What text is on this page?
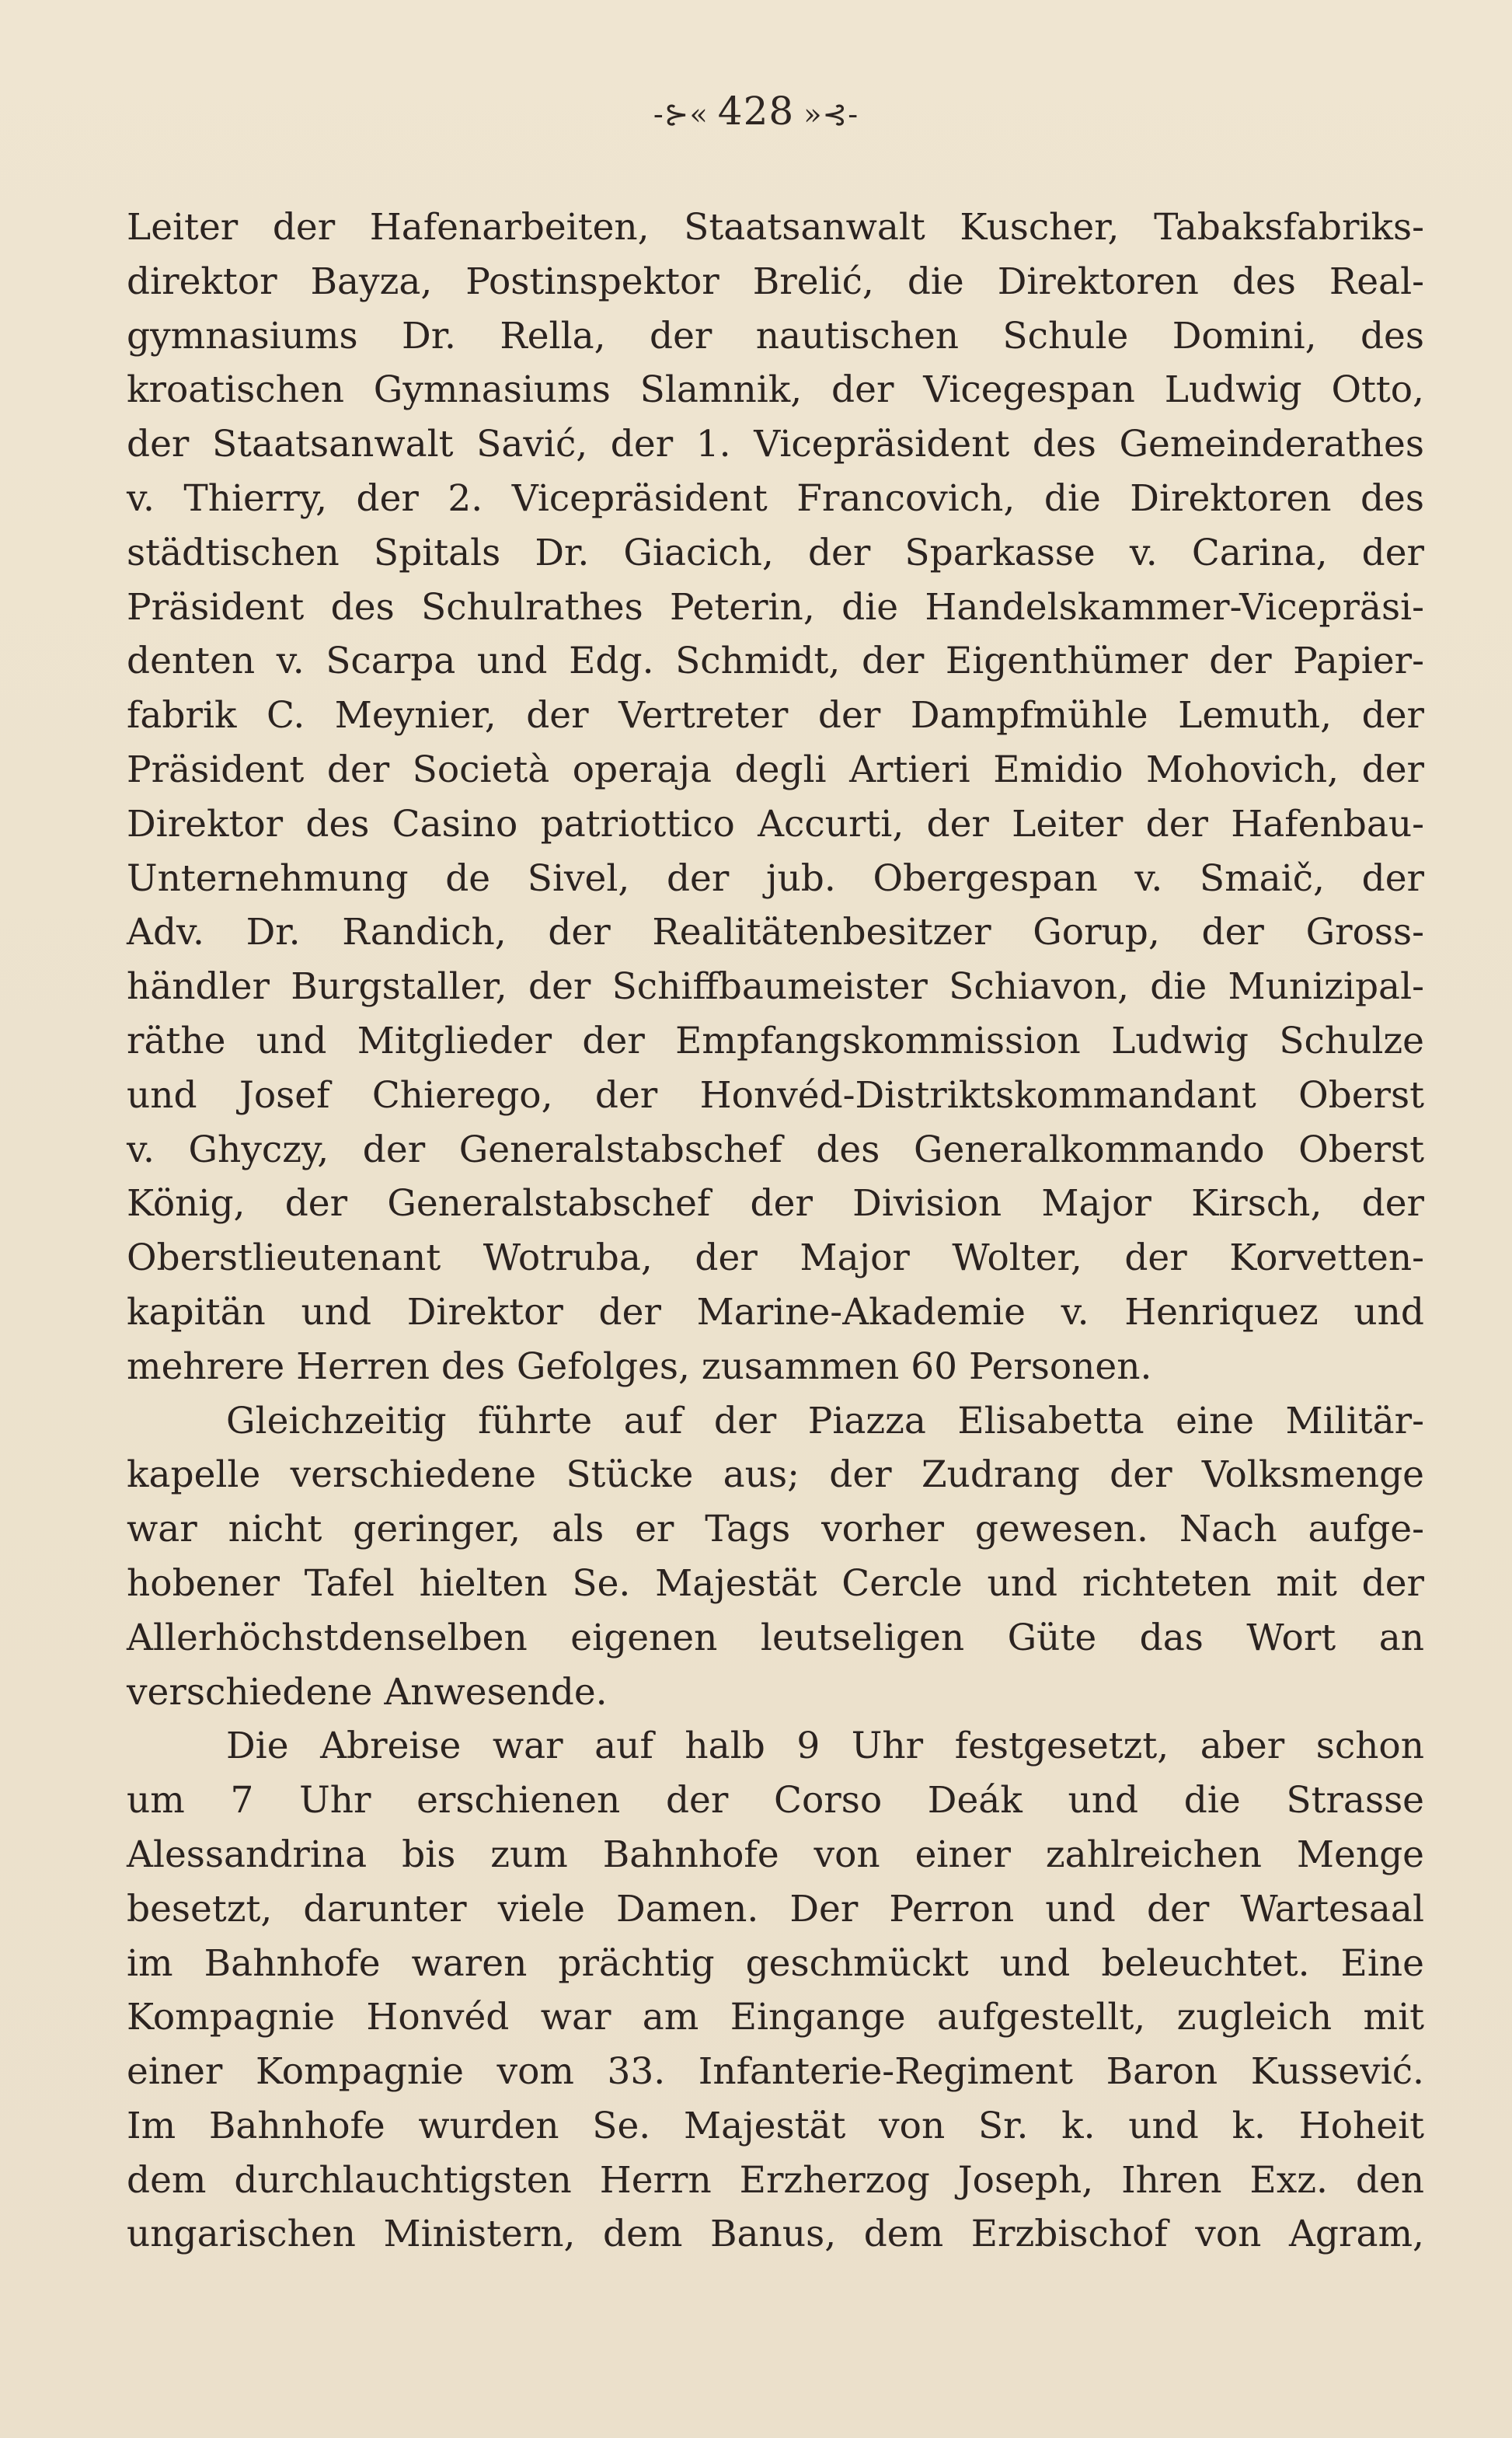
-⊱« 428 »⊰-
Leiter der Hafenarbeiten, Staatsanwalt Kuscher, Tabaksfabriks-
direktor Bayza, Postinspektor Brelić, die Direktoren des Real-
gymnasiums Dr. Rella, der nautischen Schule Domini, des
kroatischen Gymnasiums Slamnik, der Vicegespan Ludwig Otto,
der Staatsanwalt Savić, der 1. Vicepräsident des Gemeinderathes
v. Thierry, der 2. Vicepräsident Francovich, die Direktoren des
städtischen Spitals Dr. Giacich, der Sparkasse v. Carina, der
Präsident des Schulrathes Peterin, die Handelskammer-Vicepräsi-
denten v. Scarpa und Edg. Schmidt, der Eigenthümer der Papier-
fabrik C. Meynier, der Vertreter der Dampfmühle Lemuth, der
Präsident der Società operaja degli Artieri Emidio Mohovich, der
Direktor des Casino patriottico Accurti, der Leiter der Hafenbau-
Unternehmung de Sivel, der jub. Obergespan v. Smaič, der
Adv. Dr. Randich, der Realitätenbesitzer Gorup, der Gross-
händler Burgstaller, der Schiffbaumeister Schiavon, die Munizipal-
räthe und Mitglieder der Empfangskommission Ludwig Schulze
und Josef Chierego, der Honvéd-Distriktskommandant Oberst
v. Ghyczy, der Generalstabschef des Generalkommando Oberst
König, der Generalstabschef der Division Major Kirsch, der
Oberstlieutenant Wotruba, der Major Wolter, der Korvetten-
kapitän und Direktor der Marine-Akademie v. Henriquez und
mehrere Herren des Gefolges, zusammen 60 Personen.
Gleichzeitig führte auf der Piazza Elisabetta eine Militär-
kapelle verschiedene Stücke aus; der Zudrang der Volksmenge
war nicht geringer, als er Tags vorher gewesen. Nach aufge-
hobener Tafel hielten Se. Majestät Cercle und richteten mit der
Allerhöchstdenselben eigenen leutseligen Güte das Wort an
verschiedene Anwesende.
Die Abreise war auf halb 9 Uhr festgesetzt, aber schon
um 7 Uhr erschienen der Corso Deák und die Strasse
Alessandrina bis zum Bahnhofe von einer zahlreichen Menge
besetzt, darunter viele Damen. Der Perron und der Wartesaal
im Bahnhofe waren prächtig geschmückt und beleuchtet. Eine
Kompagnie Honvéd war am Eingange aufgestellt, zugleich mit
einer Kompagnie vom 33. Infanterie-Regiment Baron Kussević.
Im Bahnhofe wurden Se. Majestät von Sr. k. und k. Hoheit
dem durchlauchtigsten Herrn Erzherzog Joseph, Ihren Exz. den
ungarischen Ministern, dem Banus, dem Erzbischof von Agram,
